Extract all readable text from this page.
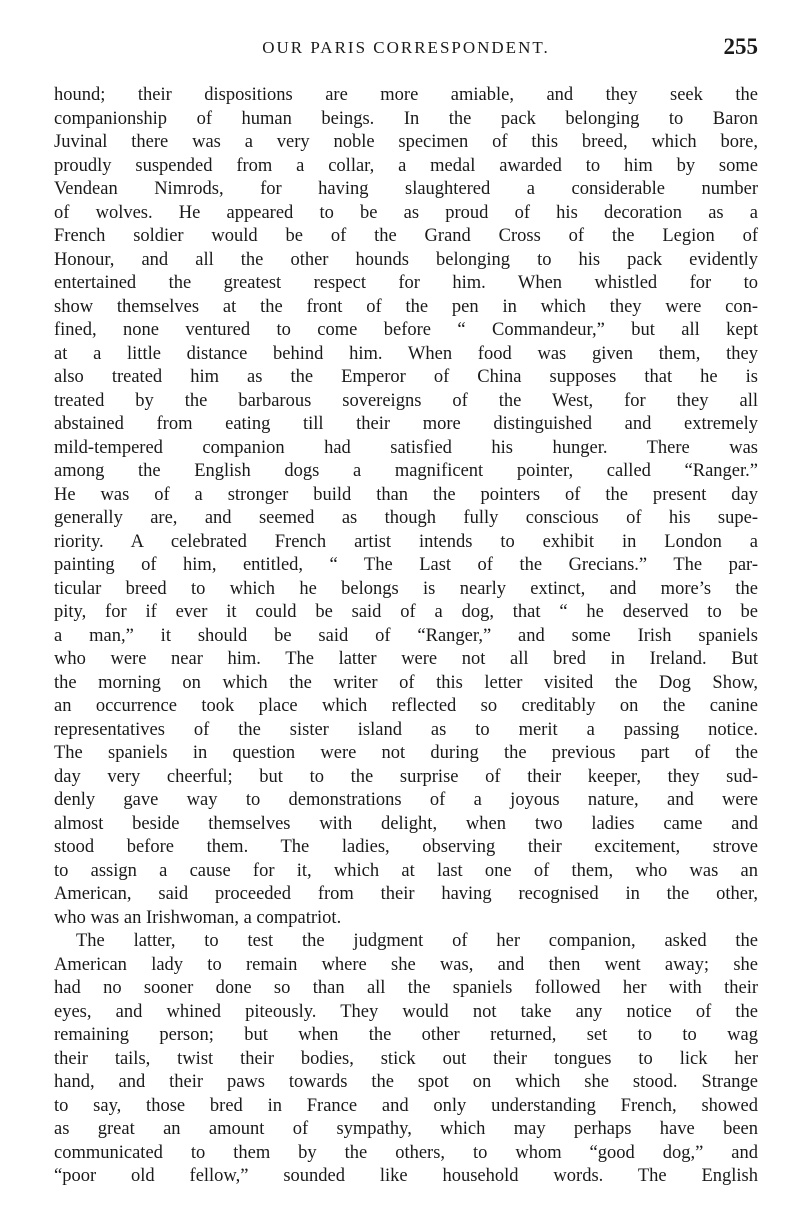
OUR PARIS CORRESPONDENT.	255
hound; their dispositions are more amiable, and they seek the
companionship of human beings. In the pack belonging to Baron
Juvinal there was a very noble specimen of this breed, which bore,
proudly suspended from a collar, a medal awarded to him by some
Vendean Nimrods, for having slaughtered a considerable number
of wolves. He appeared to be as proud of his decoration as a
French soldier would be of the Grand Cross of the Legion of
Honour, and all the other hounds belonging to his pack evidently
entertained the greatest respect for him. When whistled for to
show themselves at the front of the pen in which they were con-
fined, none ventured to come before “ Commandeur,” but all kept
at a little distance behind him. When food was given them, they
also treated him as the Emperor of China supposes that he is
treated by the barbarous sovereigns of the West, for they all
abstained from eating till their more distinguished and extremely
mild-tempered companion had satisfied his hunger. There was
among the English dogs a magnificent pointer, called “Ranger.”
He was of a stronger build than the pointers of the present day
generally are, and seemed as though fully conscious of his supe-
riority. A celebrated French artist intends to exhibit in London a
painting of him, entitled, “ The Last of the Grecians.” The par-
ticular breed to which he belongs is nearly extinct, and more’s the
pity, for if ever it could be said of a dog, that “ he deserved to be
a man,” it should be said of “Ranger,” and some Irish spaniels
who were near him. The latter were not all bred in Ireland. But
the morning on which the writer of this letter visited the Dog Show,
an occurrence took place which reflected so creditably on the canine
representatives of the sister island as to merit a passing notice.
The spaniels in question were not during the previous part of the
day very cheerful; but to the surprise of their keeper, they sud-
denly gave way to demonstrations of a joyous nature, and were
almost beside themselves with delight, when two ladies came and
stood before them. The ladies, observing their excitement, strove
to assign a cause for it, which at last one of them, who was an
American, said proceeded from their having recognised in the other,
who was an Irishwoman, a compatriot.
The latter, to test the judgment of her companion, asked the
American lady to remain where she was, and then went away; she
had no sooner done so than all the spaniels followed her with their
eyes, and whined piteously. They would not take any notice of the
remaining person; but when the other returned, set to to wag
their tails, twist their bodies, stick out their tongues to lick her
hand, and their paws towards the spot on which she stood. Strange
to say, those bred in France and only understanding French, showed
as great an amount of sympathy, which may perhaps have been
communicated to them by the others, to whom “good dog,” and
“poor old fellow,” sounded like household words. The English
